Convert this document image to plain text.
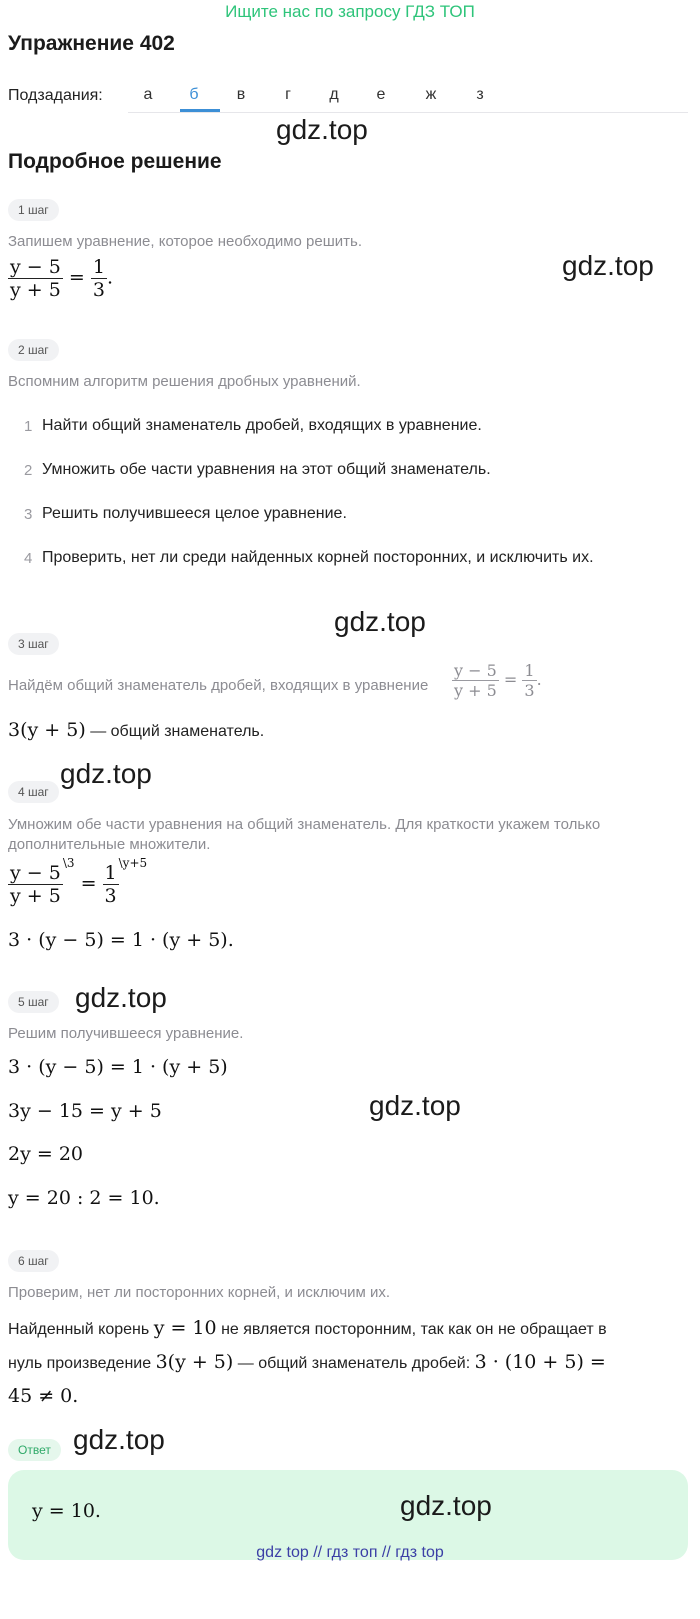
Ищите нас по запросу ГДЗ ТОП
Упражнение 402
Подзадания:	а	б	в	г	д	е	ж	з
gdz.top
Подробное решение
1 шаг
Запишем уравнение, которое необходимо решить.
$\frac{y - 5}{y + 5} = \frac{1}{3}$ .	gdz.top
2 шаг
Вспомним алгоритм решения дробных уравнений.
1 Найти общий знаменатель дробей, входящих в уравнение.
2 Умножить обе части уравнения на этот общий знаменатель.
3 Решить получившееся целое уравнение.
4 Проверить, нет ли среди найденных корней посторонних, и исключить их.
gdz.top
3 шаг
Найдём общий знаменатель дробей, входящих в уравнение $\frac{y - 5}{y + 5} = \frac{1}{3}$ .
3(y + 5) — общий знаменатель.
gdz.top
4 шаг
Умножим обе части уравнения на общий знаменатель. Для краткости укажем только
дополнительные множители.
$\frac{y - 5}{y + 5} ^{\backslash 3} = \frac{1}{3} ^{\backslash y+5}$
3 · (y − 5) = 1 · (y + 5).
5 шаг gdz.top
Решим получившееся уравнение.
3 · (y − 5) = 1 · (y + 5)
3y − 15 = y + 5
2y = 20
y = 20 : 2 = 10.
gdz.top
6 шаг
Проверим, нет ли посторонних корней, и исключим их.
Найденный корень y = 10 не является посторонним, так как он не обращает в
нуль произведение 3(y + 5) — общий знаменатель дробей: 3 · (10 + 5) =
45 ≠ 0.
Ответ gdz.top
y = 10.	gdz.top
gdz top // гдз топ // гдз top
